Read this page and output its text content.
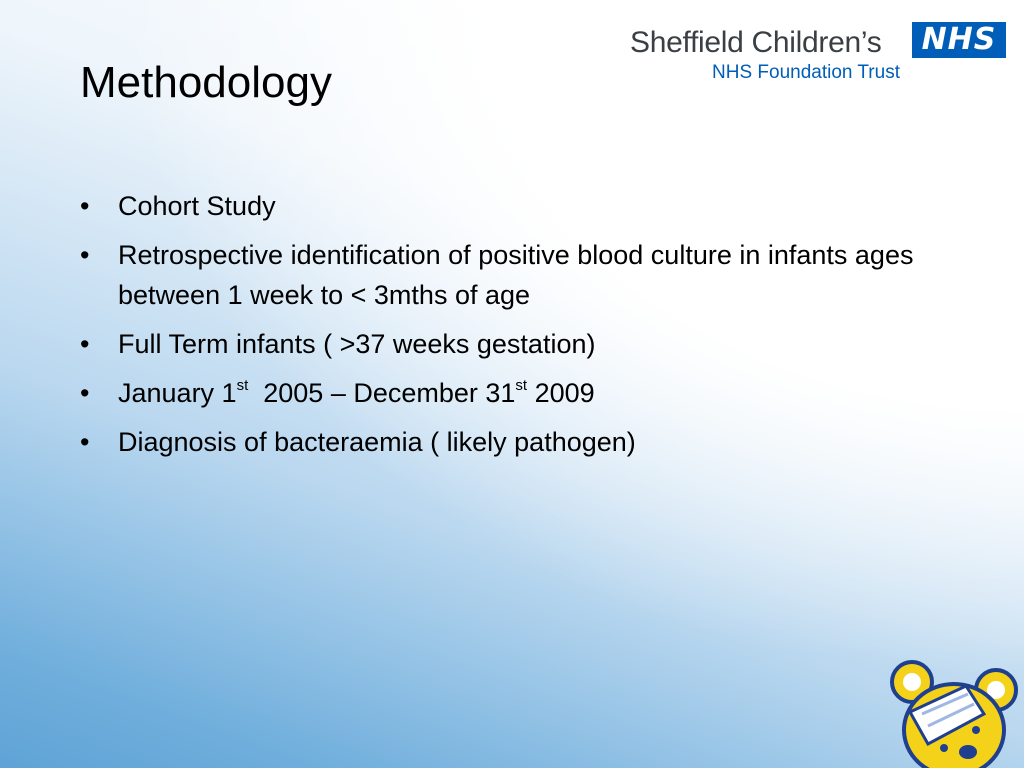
Methodology
Sheffield Children’s	NHS
NHS Foundation Trust
•	Cohort Study
•	Retrospective identification of positive blood culture in infants ages between 1 week to < 3mths of age
•	Full Term infants ( >37 weeks gestation)
•	January 1st  2005 – December 31st 2009
•	Diagnosis of bacteraemia ( likely pathogen)
